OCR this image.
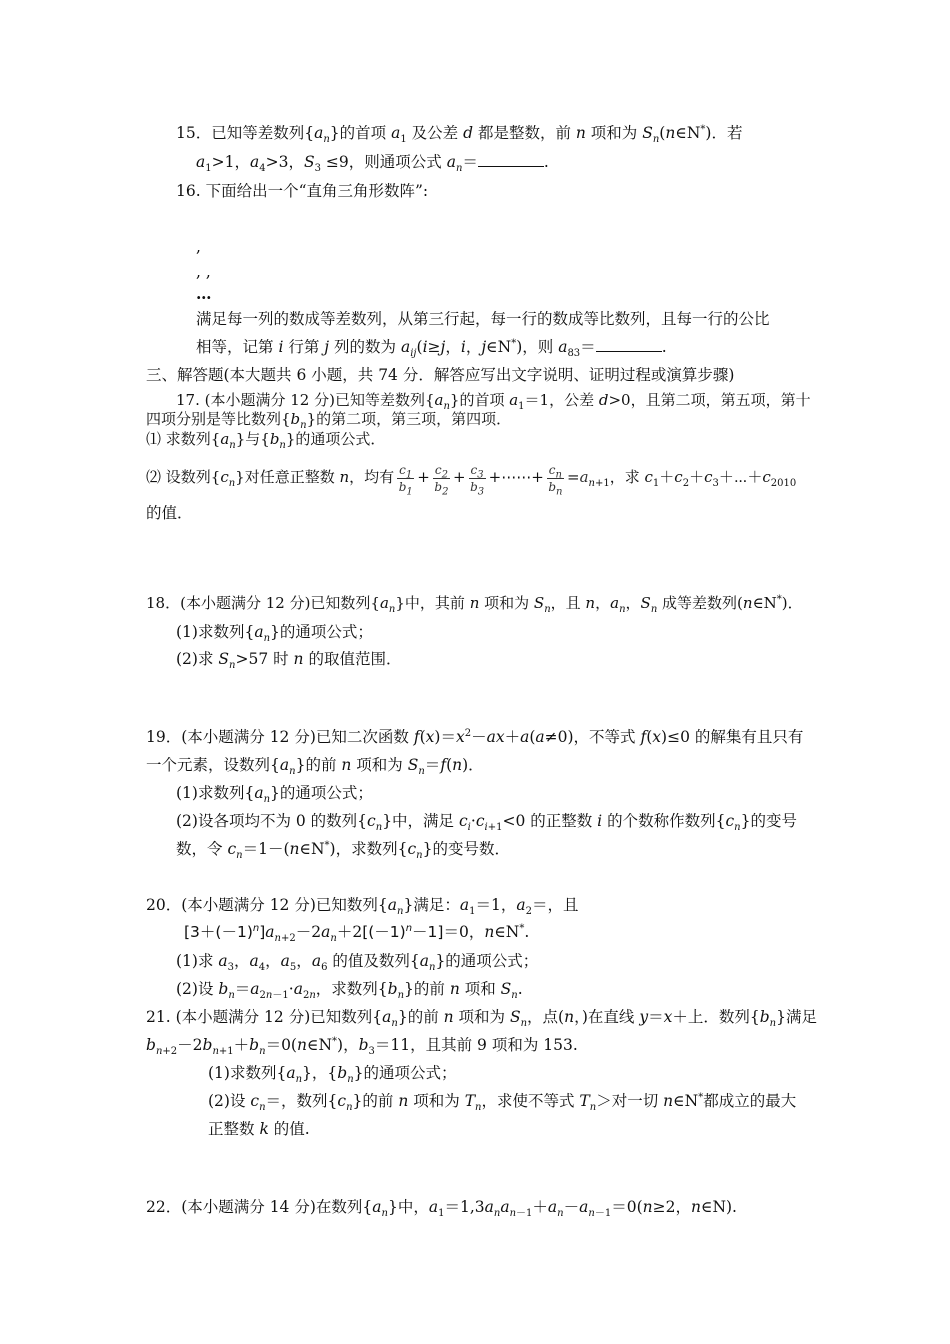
15．已知等差数列$\{a_n\}$的首项 $a_1$ 及公差 d 都是整数，前 n 项和为 $S_n(n\in N^*)$．若
$a_1>1$，$a_4>3$，$S_3 \le 9$，则通项公式 $a_n=$	.
16. 下面给出一个“直角三角形数阵”:
,
, ,
…
满足每一列的数成等差数列，从第三行起，每一行的数成等比数列，且每一行的公比
相等，记第 i 行第 j 列的数为 $a_{ij}(i\ge j$，i，j∈N*)，则 $a_{83}=$	.
三、解答题(本大题共 6 小题，共 74 分．解答应写出文字说明、证明过程或演算步骤)
17. (本小题满分 12 分)已知等差数列$\{a_n\}$的首项 $a_1=1$，公差 d>0，且第二项，第五项，第十
四项分别是等比数列$\{b_n\}$的第二项，第三项，第四项．
⑴ 求数列$\{a_n\}$与$\{b_n\}$的通项公式．
⑵ 设数列$\{c_n\}$对任意正整数 n，均有 $\frac{c_1}{b_1} + \frac{c_2}{b_2} + \frac{c_3}{b_3}$ +⋯⋯+ $\frac{c_n}{b_n} =a_{n+1}$，求 $c_1+c_2+c_3+\cdots+c_{2010}$
的值．
18．(本小题满分 12 分)已知数列$\{a_n\}$中，其前 n 项和为 $S_n$，且 n，$a_n$，$S_n$ 成等差数列(n∈N*)．
(1)求数列$\{a_n\}$的通项公式；
(2)求 $S_n>57$ 时 n 的取值范围．
19．(本小题满分 12 分)已知二次函数 $f(x)=x^2-ax+a(a\ne 0)$，不等式 f(x)≤0 的解集有且只有
一个元素，设数列$\{a_n\}$的前 n 项和为 $S_n=f(n)$．
(1)求数列$\{a_n\}$的通项公式；
(2)设各项均不为 0 的数列$\{c_n\}$中，满足 $c_i\cdot c_{i+1}<0$ 的正整数 i 的个数称作数列$\{c_n\}$的变号
数，令 $c_n=1-(n\in N^*)$，求数列$\{c_n\}$的变号数．
20．(本小题满分 12 分)已知数列$\{a_n\}$满足：$a_1=1$，$a_2=$，且
$[3+(-1)^n]a_{n+2}-2a_n+2[(-1)^n-1]=0$，n∈N*.
(1)求 $a_3$，$a_4$，$a_5$，$a_6$ 的值及数列$\{a_n\}$的通项公式；
(2)设 $b_n=a_{2n-1}\cdot a_{2n}$，求数列$\{b_n\}$的前 n 项和 $S_n$.
21. (本小题满分 12 分)已知数列$\{a_n\}$的前 n 项和为 $S_n$，点(n，)在直线 y＝x＋上．数列$\{b_n\}$满足
$b_{n+2}-2b_{n+1}+b_n=0(n\in N^*)$，$b_3=11$，且其前 9 项和为 153.
(1)求数列$\{a_n\}$，$\{b_n\}$的通项公式；
(2)设 $c_n=$，数列$\{c_n\}$的前 n 项和为 $T_n$，求使不等式 $T_n>$对一切 n∈N*都成立的最大
正整数 k 的值.
22．(本小题满分 14 分)在数列$\{a_n\}$中，$a_1=1,3a_na_{n-1}+a_n-a_{n-1}=0(n\ge 2$，n∈N).
